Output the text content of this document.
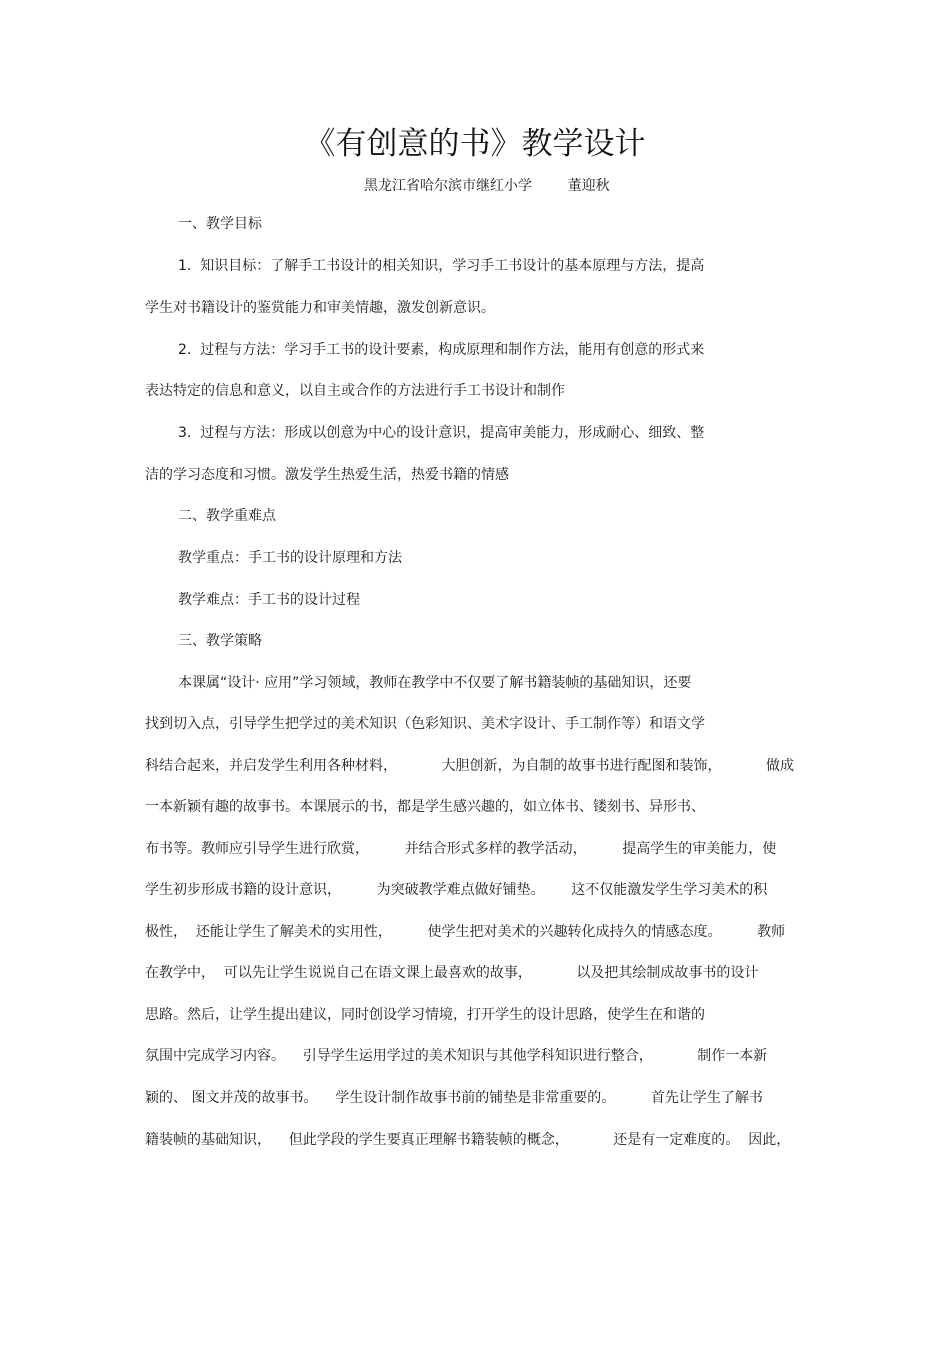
《有创意的书》教学设计
黑龙江省哈尔滨市继红小学        董迎秋
一、教学目标
1.  知识目标：了解手工书设计的相关知识，学习手工书设计的基本原理与方法，提高
学生对书籍设计的鉴赏能力和审美情趣，激发创新意识。
2.  过程与方法：学习手工书的设计要素，构成原理和制作方法，能用有创意的形式来
表达特定的信息和意义，以自主或合作的方法进行手工书设计和制作
3.  过程与方法：形成以创意为中心的设计意识，提高审美能力，形成耐心、细致、整
洁的学习态度和习惯。激发学生热爱生活，热爱书籍的情感
二、教学重难点
教学重点：手工书的设计原理和方法
教学难点：手工书的设计过程
三、教学策略
本课属“设计· 应用”学习领域，教师在教学中不仅要了解书籍装帧的基础知识，还要
找到切入点，引导学生把学过的美术知识（色彩知识、美术字设计、手工制作等）和语文学
科结合起来，并启发学生利用各种材料，          大胆创新，为自制的故事书进行配图和装饰，          做成
一本新颖有趣的故事书。本课展示的书，都是学生感兴趣的，如立体书、镂刻书、异形书、
布书等。教师应引导学生进行欣赏，        并结合形式多样的教学活动，        提高学生的审美能力，使
学生初步形成书籍的设计意识，        为突破教学难点做好铺垫。      这不仅能激发学生学习美术的积
极性，  还能让学生了解美术的实用性，        使学生把对美术的兴趣转化成持久的情感态度。        教师
在教学中，  可以先让学生说说自己在语文课上最喜欢的故事，          以及把其绘制成故事书的设计
思路。然后，让学生提出建议，同时创设学习情境，打开学生的设计思路，使学生在和谐的
氛围中完成学习内容。    引导学生运用学过的美术知识与其他学科知识进行整合，          制作一本新
颖的、 图文并茂的故事书。    学生设计制作故事书前的铺垫是非常重要的。        首先让学生了解书
籍装帧的基础知识，    但此学段的学生要真正理解书籍装帧的概念，          还是有一定难度的。  因此，
